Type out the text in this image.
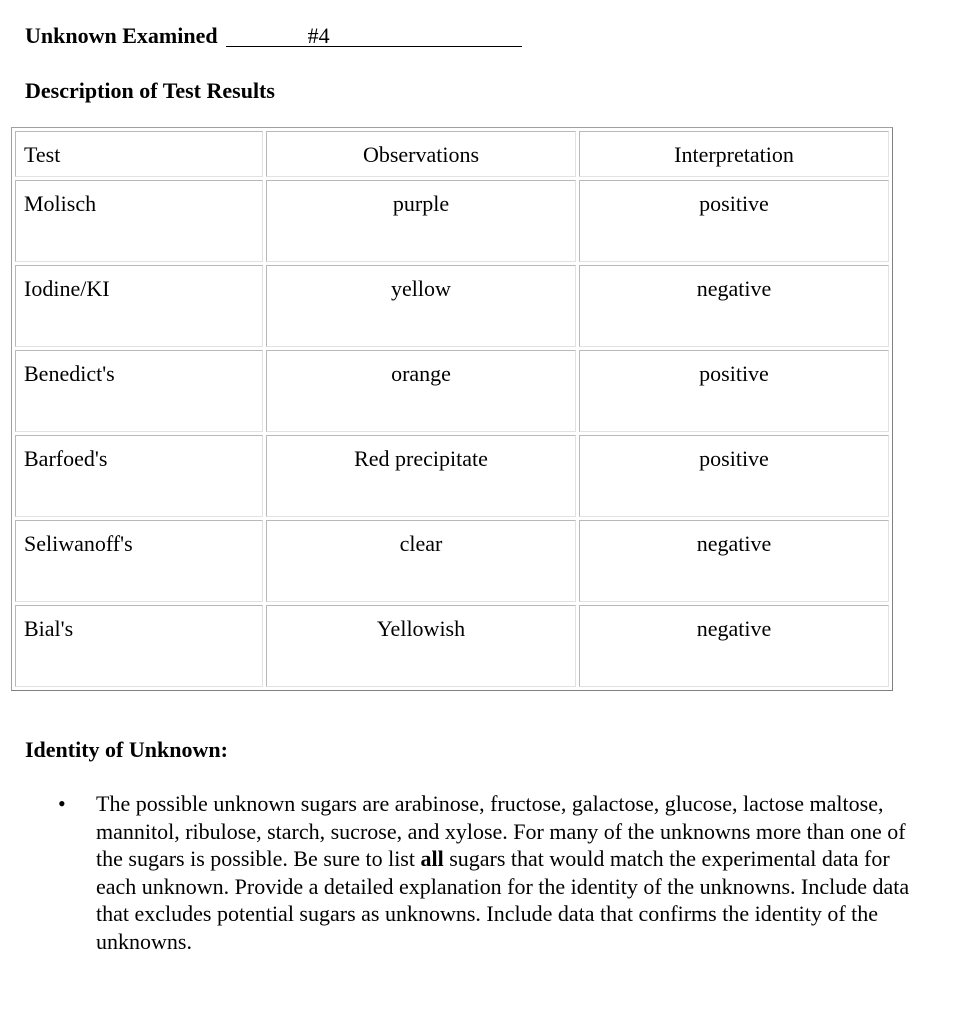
Unknown Examined	#4
Description of Test Results
Test	Observations	Interpretation
Molisch	purple	positive
Iodine/KI	yellow	negative
Benedict's	orange	positive
Barfoed's	Red precipitate	positive
Seliwanoff's	clear	negative
Bial's	Yellowish	negative
Identity of Unknown:
• The possible unknown sugars are arabinose, fructose, galactose, glucose, lactose maltose, mannitol, ribulose, starch, sucrose, and xylose. For many of the unknowns more than one of the sugars is possible. Be sure to list all sugars that would match the experimental data for each unknown. Provide a detailed explanation for the identity of the unknowns. Include data that excludes potential sugars as unknowns. Include data that confirms the identity of the unknowns.
